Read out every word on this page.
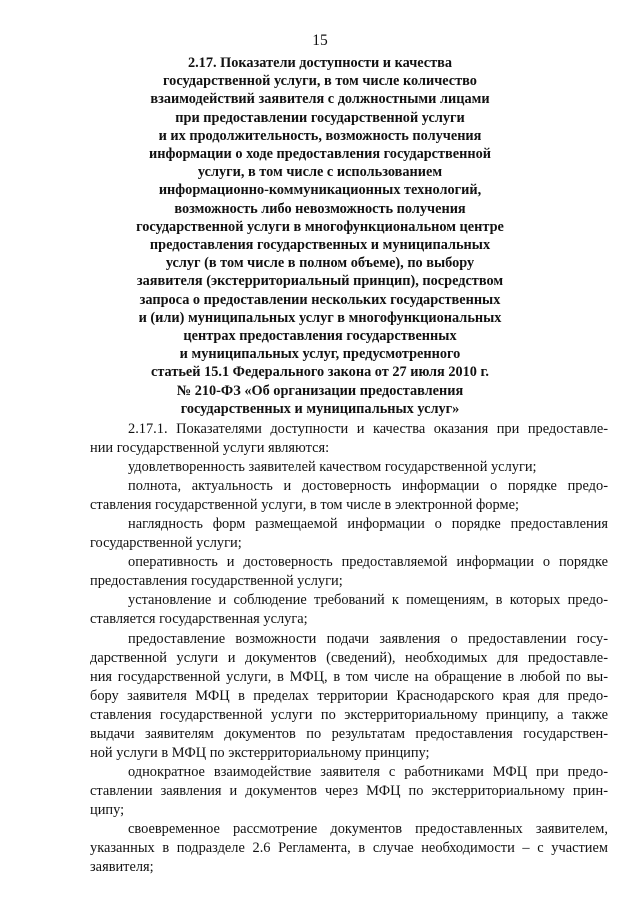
15
2.17. Показатели доступности и качества
государственной услуги, в том числе количество
взаимодействий заявителя с должностными лицами
при предоставлении государственной услуги
и их продолжительность, возможность получения
информации о ходе предоставления государственной
услуги, в том числе с использованием
информационно-коммуникационных технологий,
возможность либо невозможность получения
государственной услуги в многофункциональном центре
предоставления государственных и муниципальных
услуг (в том числе в полном объеме), по выбору
заявителя (экстерриториальный принцип), посредством
запроса о предоставлении нескольких государственных
и (или) муниципальных услуг в многофункциональных
центрах предоставления государственных
и муниципальных услуг, предусмотренного
статьей 15.1 Федерального закона от 27 июля 2010 г.
№ 210-ФЗ «Об организации предоставления
государственных и муниципальных услуг»

2.17.1. Показателями доступности и качества оказания при предоставле-
нии государственной услуги являются:

удовлетворенность заявителей качеством государственной услуги;

полнота, актуальность и достоверность информации о порядке предо-
ставления государственной услуги, в том числе в электронной форме;

наглядность форм размещаемой информации о порядке предоставления
государственной услуги;

оперативность и достоверность предоставляемой информации о порядке
предоставления государственной услуги;

установление и соблюдение требований к помещениям, в которых предо-
ставляется государственная услуга;

предоставление возможности подачи заявления о предоставлении госу-
дарственной услуги и документов (сведений), необходимых для предоставле-
ния государственной услуги, в МФЦ, в том числе на обращение в любой по вы-
бору заявителя МФЦ в пределах территории Краснодарского края для предо-
ставления государственной услуги по экстерриториальному принципу, а также
выдачи заявителям документов по результатам предоставления государствен-
ной услуги в МФЦ по экстерриториальному принципу;

однократное взаимодействие заявителя с работниками МФЦ при предо-
ставлении заявления и документов через МФЦ по экстерриториальному прин-
ципу;

своевременное рассмотрение документов предоставленных заявителем,
указанных в подразделе 2.6 Регламента, в случае необходимости – с участием
заявителя;
